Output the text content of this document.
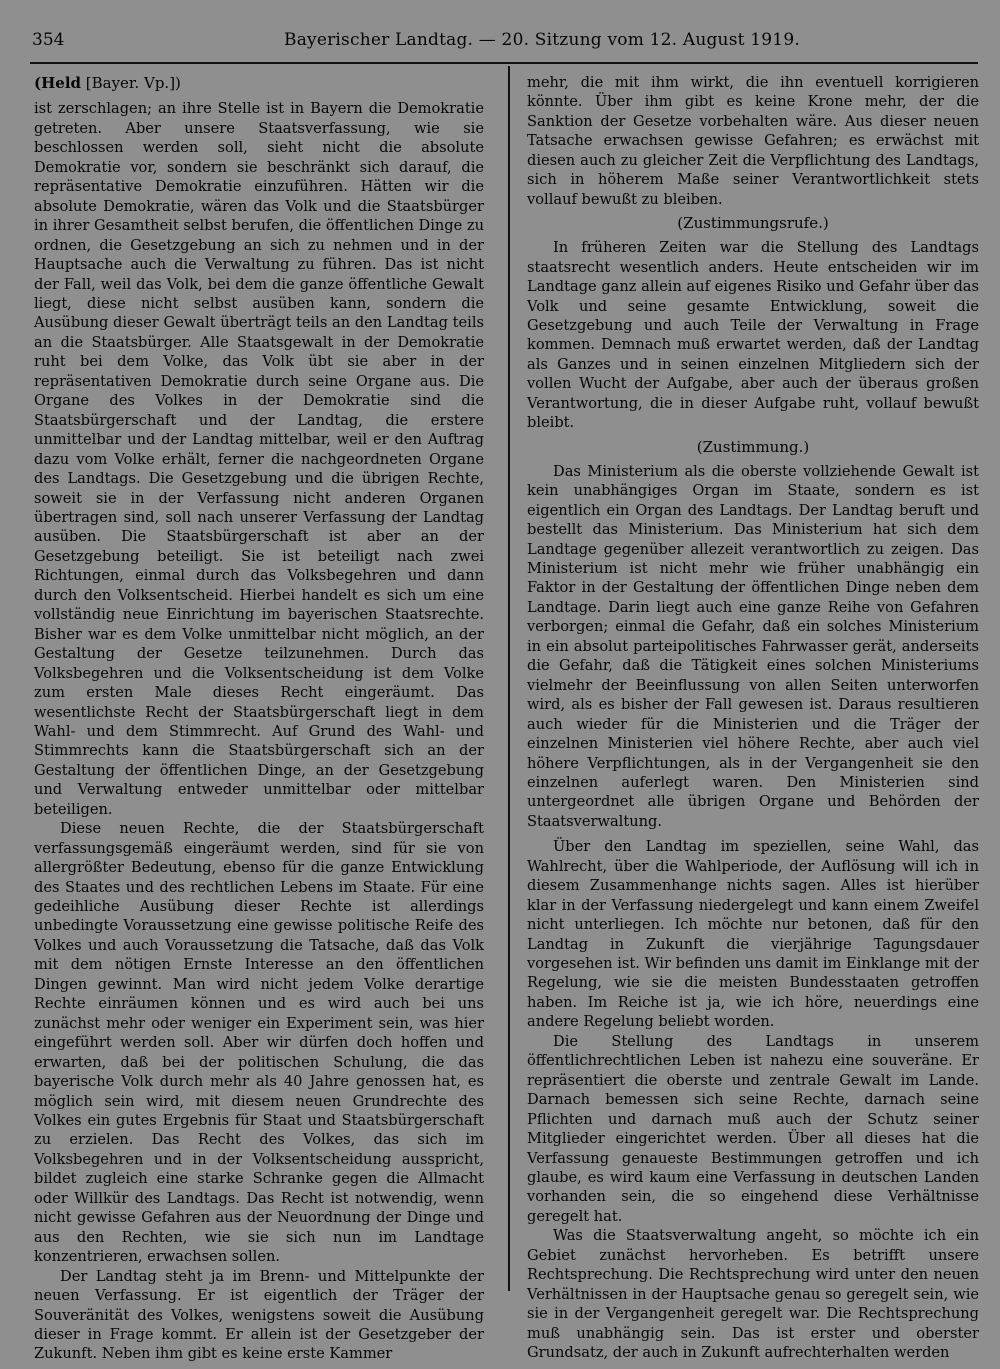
354	Bayerischer Landtag. — 20. Sitzung vom 12. August 1919.

(Held [Bayer. Vp.])

ist zerschlagen; an ihre Stelle ist in Bayern die Demokratie getreten. Aber unsere Staatsverfassung, wie sie beschlossen werden soll, sieht nicht die absolute Demokratie vor, sondern sie beschränkt sich darauf, die repräsentative Demokratie einzuführen. Hätten wir die absolute Demokratie, wären das Volk und die Staatsbürger in ihrer Gesamtheit selbst berufen, die öffentlichen Dinge zu ordnen, die Gesetzgebung an sich zu nehmen und in der Hauptsache auch die Verwaltung zu führen. Das ist nicht der Fall, weil das Volk, bei dem die ganze öffentliche Gewalt liegt, diese nicht selbst ausüben kann, sondern die Ausübung dieser Gewalt überträgt teils an den Landtag teils an die Staatsbürger. Alle Staatsgewalt in der Demokratie ruht bei dem Volke, das Volk übt sie aber in der repräsentativen Demokratie durch seine Organe aus. Die Organe des Volkes in der Demokratie sind die Staatsbürgerschaft und der Landtag, die erstere unmittelbar und der Landtag mittelbar, weil er den Auftrag dazu vom Volke erhält, ferner die nachgeordneten Organe des Landtags. Die Gesetzgebung und die übrigen Rechte, soweit sie in der Verfassung nicht anderen Organen übertragen sind, soll nach unserer Verfassung der Landtag ausüben. Die Staatsbürgerschaft ist aber an der Gesetzgebung beteiligt. Sie ist beteiligt nach zwei Richtungen, einmal durch das Volksbegehren und dann durch den Volksentscheid. Hierbei handelt es sich um eine vollständig neue Einrichtung im bayerischen Staatsrechte. Bisher war es dem Volke unmittelbar nicht möglich, an der Gestaltung der Gesetze teilzunehmen. Durch das Volksbegehren und die Volksentscheidung ist dem Volke zum ersten Male dieses Recht eingeräumt. Das wesentlichste Recht der Staatsbürgerschaft liegt in dem Wahl- und dem Stimmrecht. Auf Grund des Wahl- und Stimmrechts kann die Staatsbürgerschaft sich an der Gestaltung der öffentlichen Dinge, an der Gesetzgebung und Verwaltung entweder unmittelbar oder mittelbar beteiligen.

Diese neuen Rechte, die der Staatsbürgerschaft verfassungsgemäß eingeräumt werden, sind für sie von allergrößter Bedeutung, ebenso für die ganze Entwicklung des Staates und des rechtlichen Lebens im Staate. Für eine gedeihliche Ausübung dieser Rechte ist allerdings unbedingte Voraussetzung eine gewisse politische Reife des Volkes und auch Voraussetzung die Tatsache, daß das Volk mit dem nötigen Ernste Interesse an den öffentlichen Dingen gewinnt. Man wird nicht jedem Volke derartige Rechte einräumen können und es wird auch bei uns zunächst mehr oder weniger ein Experiment sein, was hier eingeführt werden soll. Aber wir dürfen doch hoffen und erwarten, daß bei der politischen Schulung, die das bayerische Volk durch mehr als 40 Jahre genossen hat, es möglich sein wird, mit diesem neuen Grundrechte des Volkes ein gutes Ergebnis für Staat und Staatsbürgerschaft zu erzielen. Das Recht des Volkes, das sich im Volksbegehren und in der Volksentscheidung ausspricht, bildet zugleich eine starke Schranke gegen die Allmacht oder Willkür des Landtags. Das Recht ist notwendig, wenn nicht gewisse Gefahren aus der Neuordnung der Dinge und aus den Rechten, wie sie sich nun im Landtage konzentrieren, erwachsen sollen.

Der Landtag steht ja im Brenn- und Mittelpunkte der neuen Verfassung. Er ist eigentlich der Träger der Souveränität des Volkes, wenigstens soweit die Ausübung dieser in Frage kommt. Er allein ist der Gesetzgeber der Zukunft. Neben ihm gibt es keine erste Kammer

mehr, die mit ihm wirkt, die ihn eventuell korrigieren könnte. Über ihm gibt es keine Krone mehr, der die Sanktion der Gesetze vorbehalten wäre. Aus dieser neuen Tatsache erwachsen gewisse Gefahren; es erwächst mit diesen auch zu gleicher Zeit die Verpflichtung des Landtags, sich in höherem Maße seiner Verantwortlichkeit stets vollauf bewußt zu bleiben.

(Zustimmungsrufe.)

In früheren Zeiten war die Stellung des Landtags staatsrecht wesentlich anders. Heute entscheiden wir im Landtage ganz allein auf eigenes Risiko und Gefahr über das Volk und seine gesamte Entwicklung, soweit die Gesetzgebung und auch Teile der Verwaltung in Frage kommen. Demnach muß erwartet werden, daß der Landtag als Ganzes und in seinen einzelnen Mitgliedern sich der vollen Wucht der Aufgabe, aber auch der überaus großen Verantwortung, die in dieser Aufgabe ruht, vollauf bewußt bleibt.

(Zustimmung.)

Das Ministerium als die oberste vollziehende Gewalt ist kein unabhängiges Organ im Staate, sondern es ist eigentlich ein Organ des Landtags. Der Landtag beruft und bestellt das Ministerium. Das Ministerium hat sich dem Landtage gegenüber allezeit verantwortlich zu zeigen. Das Ministerium ist nicht mehr wie früher unabhängig ein Faktor in der Gestaltung der öffentlichen Dinge neben dem Landtage. Darin liegt auch eine ganze Reihe von Gefahren verborgen; einmal die Gefahr, daß ein solches Ministerium in ein absolut parteipolitisches Fahrwasser gerät, anderseits die Gefahr, daß die Tätigkeit eines solchen Ministeriums vielmehr der Beeinflussung von allen Seiten unterworfen wird, als es bisher der Fall gewesen ist. Daraus resultieren auch wieder für die Ministerien und die Träger der einzelnen Ministerien viel höhere Rechte, aber auch viel höhere Verpflichtungen, als in der Vergangenheit sie den einzelnen auferlegt waren. Den Ministerien sind untergeordnet alle übrigen Organe und Behörden der Staatsverwaltung.

Über den Landtag im speziellen, seine Wahl, das Wahlrecht, über die Wahlperiode, der Auflösung will ich in diesem Zusammenhange nichts sagen. Alles ist hierüber klar in der Verfassung niedergelegt und kann einem Zweifel nicht unterliegen. Ich möchte nur betonen, daß für den Landtag in Zukunft die vierjährige Tagungsdauer vorgesehen ist. Wir befinden uns damit im Einklange mit der Regelung, wie sie die meisten Bundesstaaten getroffen haben. Im Reiche ist ja, wie ich höre, neuerdings eine andere Regelung beliebt worden.

Die Stellung des Landtags in unserem öffentlichrechtlichen Leben ist nahezu eine souveräne. Er repräsentiert die oberste und zentrale Gewalt im Lande. Darnach bemessen sich seine Rechte, darnach seine Pflichten und darnach muß auch der Schutz seiner Mitglieder eingerichtet werden. Über all dieses hat die Verfassung genaueste Bestimmungen getroffen und ich glaube, es wird kaum eine Verfassung in deutschen Landen vorhanden sein, die so eingehend diese Verhältnisse geregelt hat.

Was die Staatsverwaltung angeht, so möchte ich ein Gebiet zunächst hervorheben. Es betrifft unsere Rechtsprechung. Die Rechtsprechung wird unter den neuen Verhältnissen in der Hauptsache genau so geregelt sein, wie sie in der Vergangenheit geregelt war. Die Rechtsprechung muß unabhängig sein. Das ist erster und oberster Grundsatz, der auch in Zukunft aufrechterhalten werden
